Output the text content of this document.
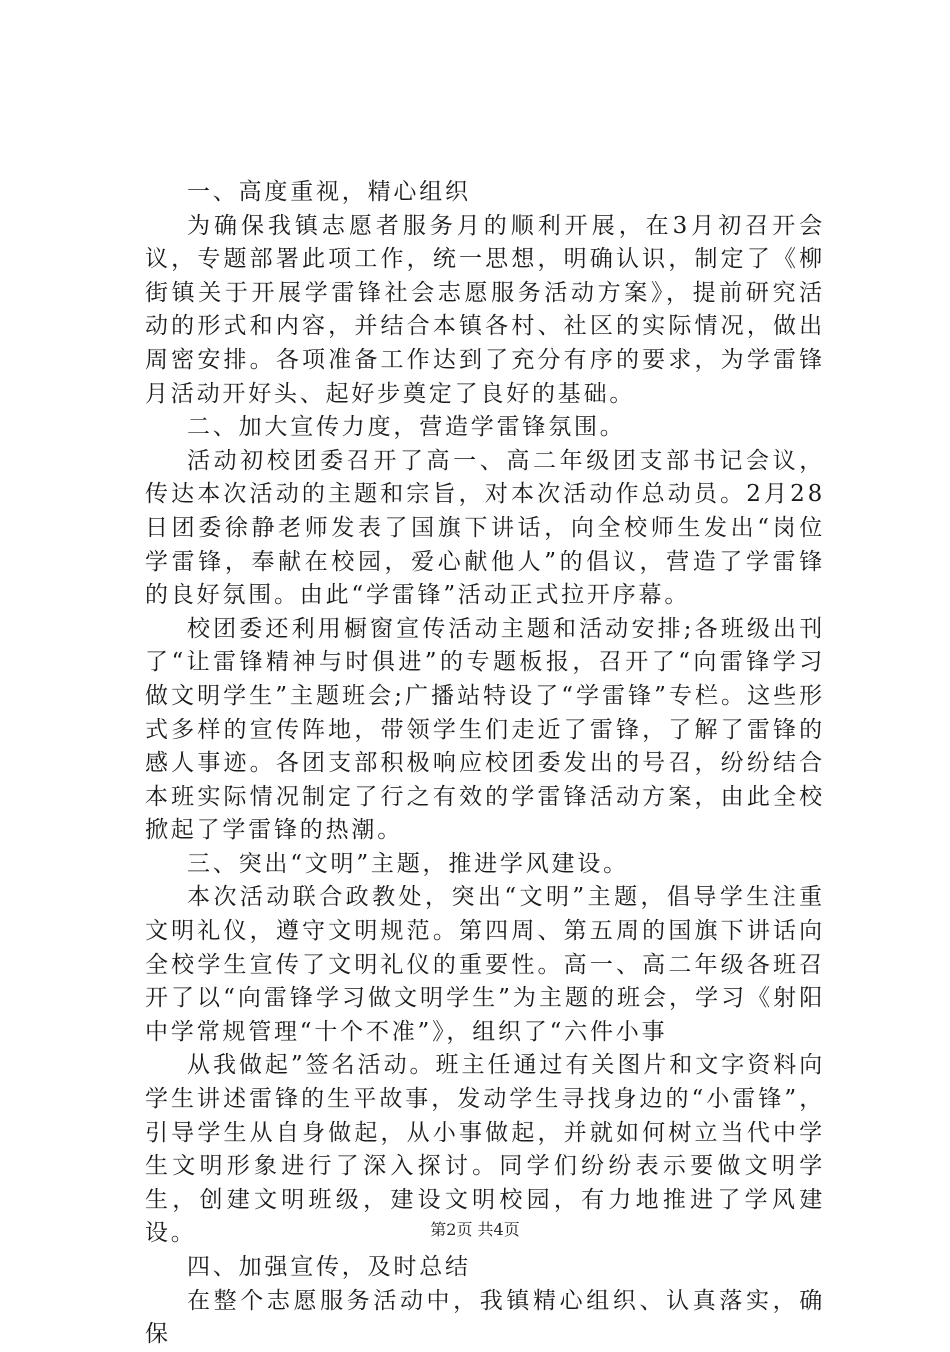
一、高度重视，精心组织

为确保我镇志愿者服务月的顺利开展，在3月初召开会议，专题部署此项工作，统一思想，明确认识，制定了《柳街镇关于开展学雷锋社会志愿服务活动方案》，提前研究活动的形式和内容，并结合本镇各村、社区的实际情况，做出周密安排。各项准备工作达到了充分有序的要求，为学雷锋月活动开好头、起好步奠定了良好的基础。

二、加大宣传力度，营造学雷锋氛围。

活动初校团委召开了高一、高二年级团支部书记会议，传达本次活动的主题和宗旨，对本次活动作总动员。2月28日团委徐静老师发表了国旗下讲话，向全校师生发出“岗位学雷锋，奉献在校园，爱心献他人”的倡议，营造了学雷锋的良好氛围。由此“学雷锋”活动正式拉开序幕。

校团委还利用橱窗宣传活动主题和活动安排;各班级出刊了“让雷锋精神与时俱进”的专题板报，召开了“向雷锋学习做文明学生”主题班会;广播站特设了“学雷锋”专栏。这些形式多样的宣传阵地，带领学生们走近了雷锋，了解了雷锋的感人事迹。各团支部积极响应校团委发出的号召，纷纷结合本班实际情况制定了行之有效的学雷锋活动方案，由此全校掀起了学雷锋的热潮。

三、突出“文明”主题，推进学风建设。

本次活动联合政教处，突出“文明”主题，倡导学生注重文明礼仪，遵守文明规范。第四周、第五周的国旗下讲话向全校学生宣传了文明礼仪的重要性。高一、高二年级各班召开了以“向雷锋学习做文明学生”为主题的班会，学习《射阳中学常规管理“十个不准”》，组织了“六件小事

从我做起”签名活动。班主任通过有关图片和文字资料向学生讲述雷锋的生平故事，发动学生寻找身边的“小雷锋”，引导学生从自身做起，从小事做起，并就如何树立当代中学生文明形象进行了深入探讨。同学们纷纷表示要做文明学生，创建文明班级，建设文明校园，有力地推进了学风建设。

四、加强宣传，及时总结

在整个志愿服务活动中，我镇精心组织、认真落实，确保

第2页 共4页
